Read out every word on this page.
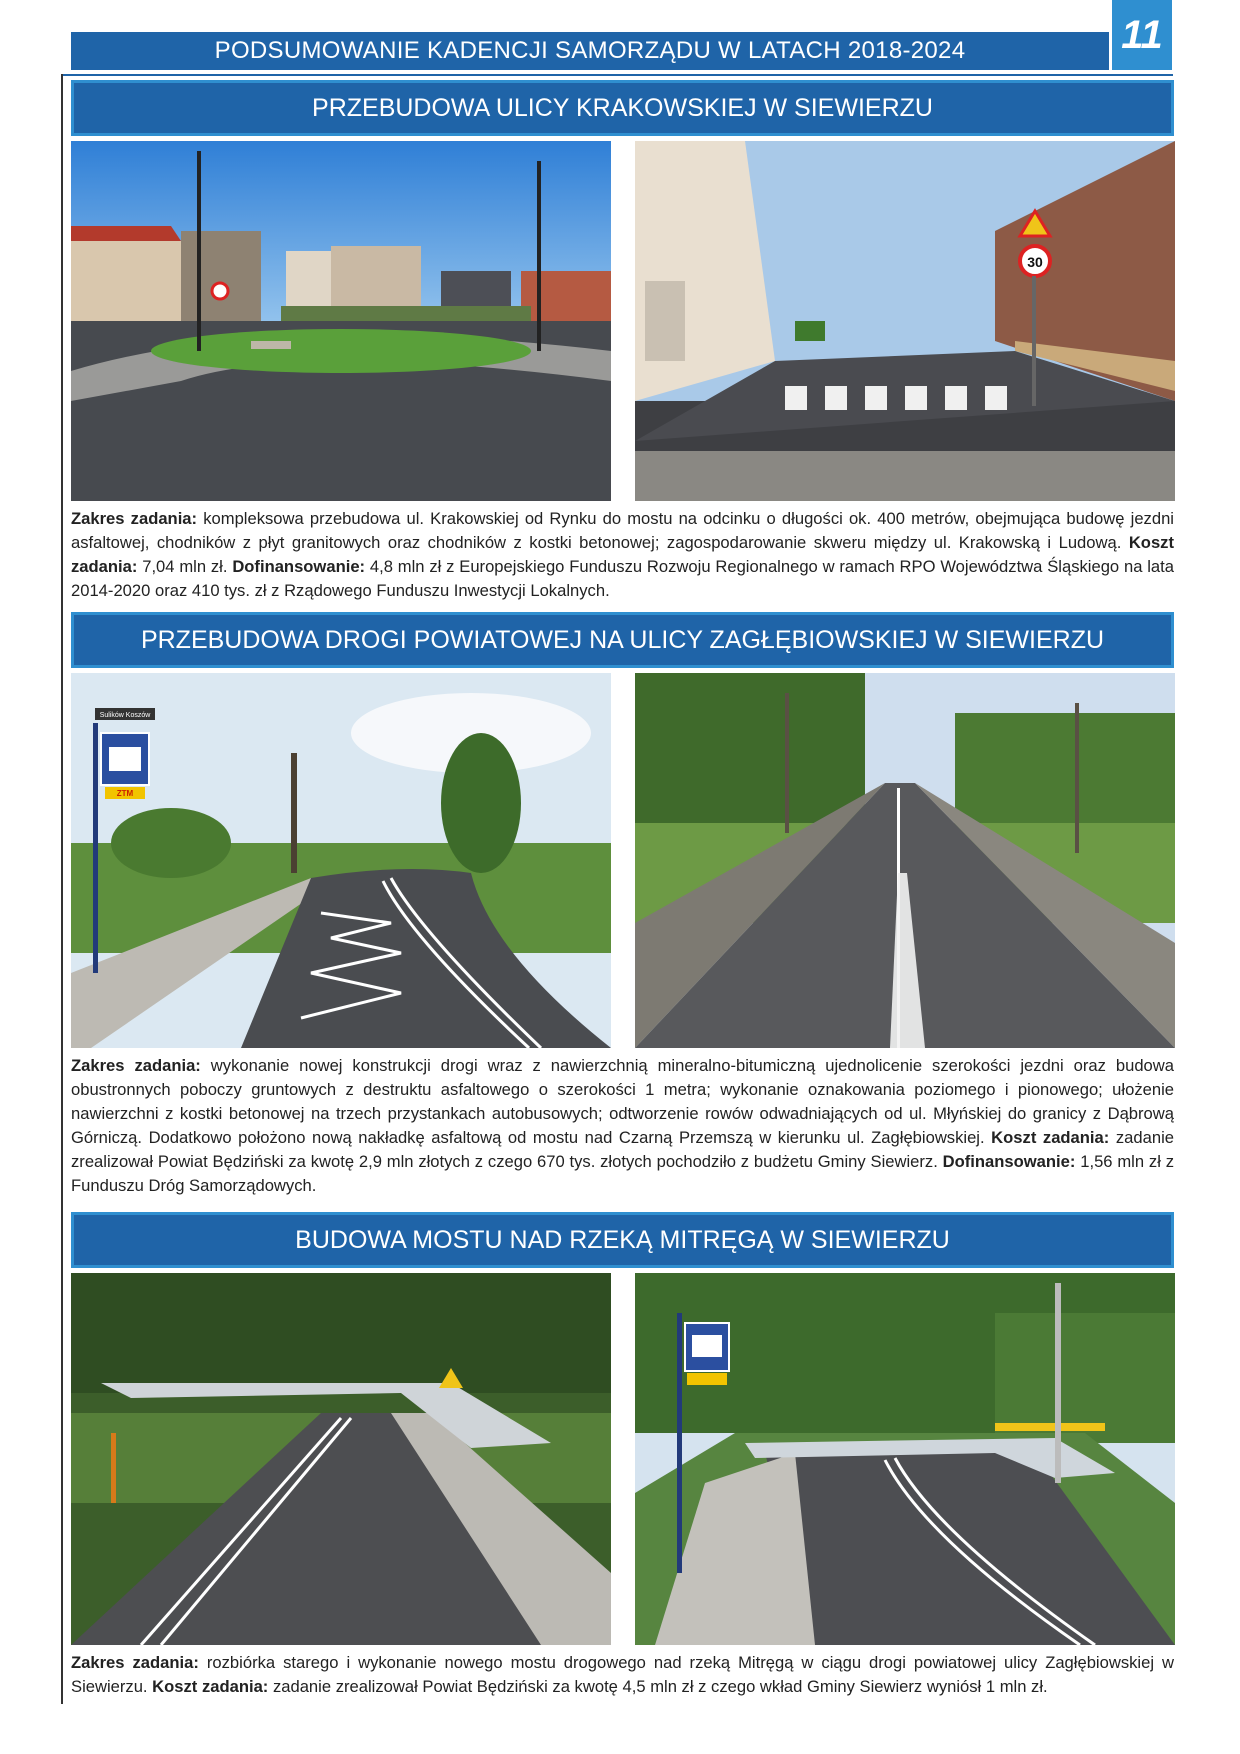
11
PODSUMOWANIE KADENCJI SAMORZĄDU W LATACH 2018-2024
PRZEBUDOWA ULICY KRAKOWSKIEJ W SIEWIERZU
30
Zakres zadania: kompleksowa przebudowa ul. Krakowskiej od Rynku do mostu na odcinku o długości ok. 400 metrów, obejmująca budowę jezdni asfaltowej, chodników z płyt granitowych oraz chodników z kostki betonowej; zagospodarowanie skweru między ul. Krakowską i Ludową. Koszt zadania: 7,04 mln zł. Dofinansowanie: 4,8 mln zł z Europejskiego Funduszu Rozwoju Regionalnego w ramach RPO Województwa Śląskiego na lata 2014-2020 oraz 410 tys. zł z Rządowego Funduszu Inwestycji Lokalnych.
PRZEBUDOWA DROGI POWIATOWEJ NA ULICY ZAGŁĘBIOWSKIEJ W SIEWIERZU
Sulików Koszów
ZTM
Zakres zadania: wykonanie nowej konstrukcji drogi wraz z nawierzchnią mineralno-bitumiczną ujednolicenie szerokości jezdni oraz budowa obustronnych poboczy gruntowych z destruktu asfaltowego o szerokości 1 metra; wykonanie oznakowania poziomego i pionowego; ułożenie nawierzchni z kostki betonowej na trzech przystankach autobusowych; odtworzenie rowów odwadniających od ul. Młyńskiej do granicy z Dąbrową Górniczą. Dodatkowo położono nową nakładkę asfaltową od mostu nad Czarną Przemszą w kierunku ul. Zagłębiowskiej. Koszt zadania: zadanie zrealizował Powiat Będziński za kwotę 2,9 mln złotych z czego 670 tys. złotych pochodziło z budżetu Gminy Siewierz. Dofinansowanie: 1,56 mln zł z Funduszu Dróg Samorządowych.
BUDOWA MOSTU NAD RZEKĄ MITRĘGĄ W SIEWIERZU
Zakres zadania: rozbiórka starego i wykonanie nowego mostu drogowego nad rzeką Mitręgą w ciągu drogi powiatowej ulicy Zagłębiowskiej w Siewierzu. Koszt zadania: zadanie zrealizował Powiat Będziński za kwotę 4,5 mln zł z czego wkład Gminy Siewierz wyniósł 1 mln zł.
